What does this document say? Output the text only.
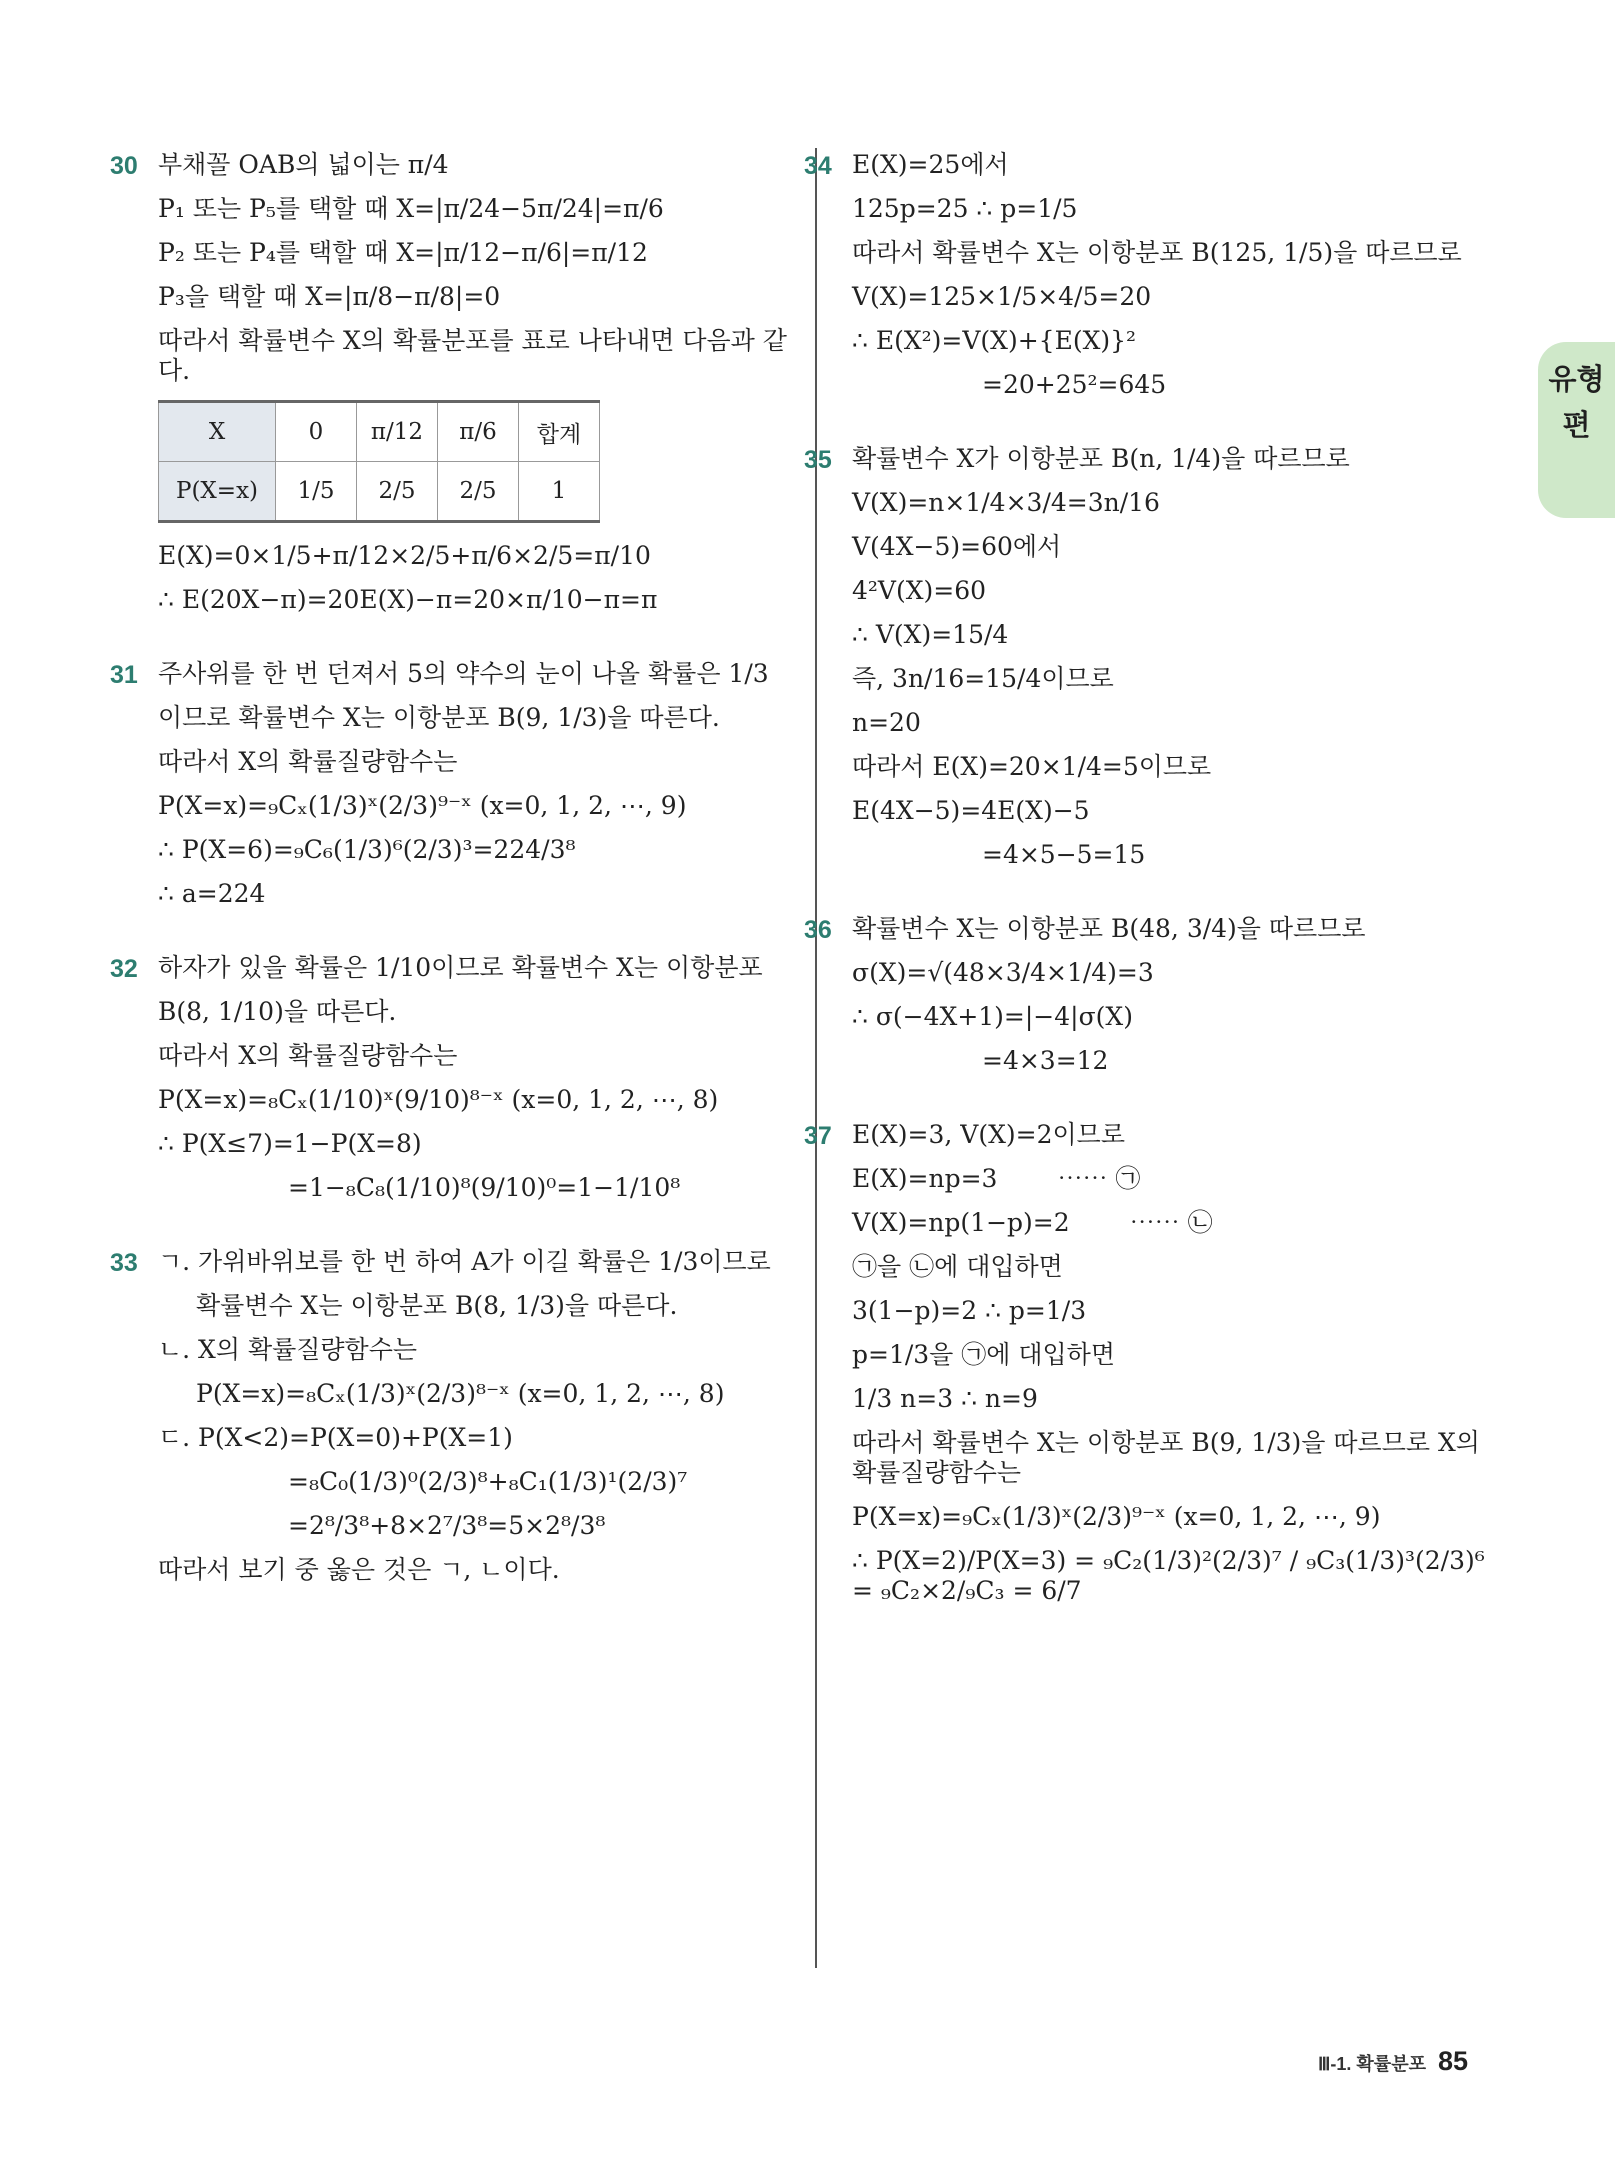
유형편
30 부채꼴 OAB의 넓이는 π/4
P₁ 또는 P₅를 택할 때 X=|π/24−5π/24|=π/6
P₂ 또는 P₄를 택할 때 X=|π/12−π/6|=π/12
P₃을 택할 때 X=|π/8−π/8|=0
따라서 확률변수 X의 확률분포를 표로 나타내면 다음과 같다.
X	0	π/12	π/6	합계
P(X=x)	1/5	2/5	2/5	1
E(X)=0×1/5+π/12×2/5+π/6×2/5=π/10
∴ E(20X−π)=20E(X)−π=20×π/10−π=π
31 주사위를 한 번 던져서 5의 약수의 눈이 나올 확률은 1/3
이므로 확률변수 X는 이항분포 B(9, 1/3)을 따른다.
따라서 X의 확률질량함수는
P(X=x)=₉Cₓ(1/3)ˣ(2/3)⁹⁻ˣ (x=0, 1, 2, ⋯, 9)
∴ P(X=6)=₉C₆(1/3)⁶(2/3)³=224/3⁸
∴ a=224
32 하자가 있을 확률은 1/10이므로 확률변수 X는 이항분포
B(8, 1/10)을 따른다.
따라서 X의 확률질량함수는
P(X=x)=₈Cₓ(1/10)ˣ(9/10)⁸⁻ˣ (x=0, 1, 2, ⋯, 8)
∴ P(X≤7)=1−P(X=8)
=1−₈C₈(1/10)⁸(9/10)⁰=1−1/10⁸
33 ㄱ. 가위바위보를 한 번 하여 A가 이길 확률은 1/3이므로
확률변수 X는 이항분포 B(8, 1/3)을 따른다.
ㄴ. X의 확률질량함수는
P(X=x)=₈Cₓ(1/3)ˣ(2/3)⁸⁻ˣ (x=0, 1, 2, ⋯, 8)
ㄷ. P(X<2)=P(X=0)+P(X=1)
=₈C₀(1/3)⁰(2/3)⁸+₈C₁(1/3)¹(2/3)⁷
=2⁸/3⁸+8×2⁷/3⁸=5×2⁸/3⁸
따라서 보기 중 옳은 것은 ㄱ, ㄴ이다.
34 E(X)=25에서
125p=25 ∴ p=1/5
따라서 확률변수 X는 이항분포 B(125, 1/5)을 따르므로
V(X)=125×1/5×4/5=20
∴ E(X²)=V(X)+{E(X)}²
=20+25²=645
35 확률변수 X가 이항분포 B(n, 1/4)을 따르므로
V(X)=n×1/4×3/4=3n/16
V(4X−5)=60에서
4²V(X)=60
∴ V(X)=15/4
즉, 3n/16=15/4이므로
n=20
따라서 E(X)=20×1/4=5이므로
E(4X−5)=4E(X)−5
=4×5−5=15
36 확률변수 X는 이항분포 B(48, 3/4)을 따르므로
σ(X)=√(48×3/4×1/4)=3
∴ σ(−4X+1)=|−4|σ(X)
=4×3=12
37 E(X)=3, V(X)=2이므로
E(X)=np=3 ⋯⋯ ㉠
V(X)=np(1−p)=2 ⋯⋯ ㉡
㉠을 ㉡에 대입하면
3(1−p)=2 ∴ p=1/3
p=1/3을 ㉠에 대입하면
1/3 n=3 ∴ n=9
따라서 확률변수 X는 이항분포 B(9, 1/3)을 따르므로 X의 확률질량함수는
P(X=x)=₉Cₓ(1/3)ˣ(2/3)⁹⁻ˣ (x=0, 1, 2, ⋯, 9)
∴ P(X=2)/P(X=3) = ₉C₂(1/3)²(2/3)⁷ / ₉C₃(1/3)³(2/3)⁶ = ₉C₂×2/₉C₃ = 6/7
Ⅲ-1. 확률분포 85
